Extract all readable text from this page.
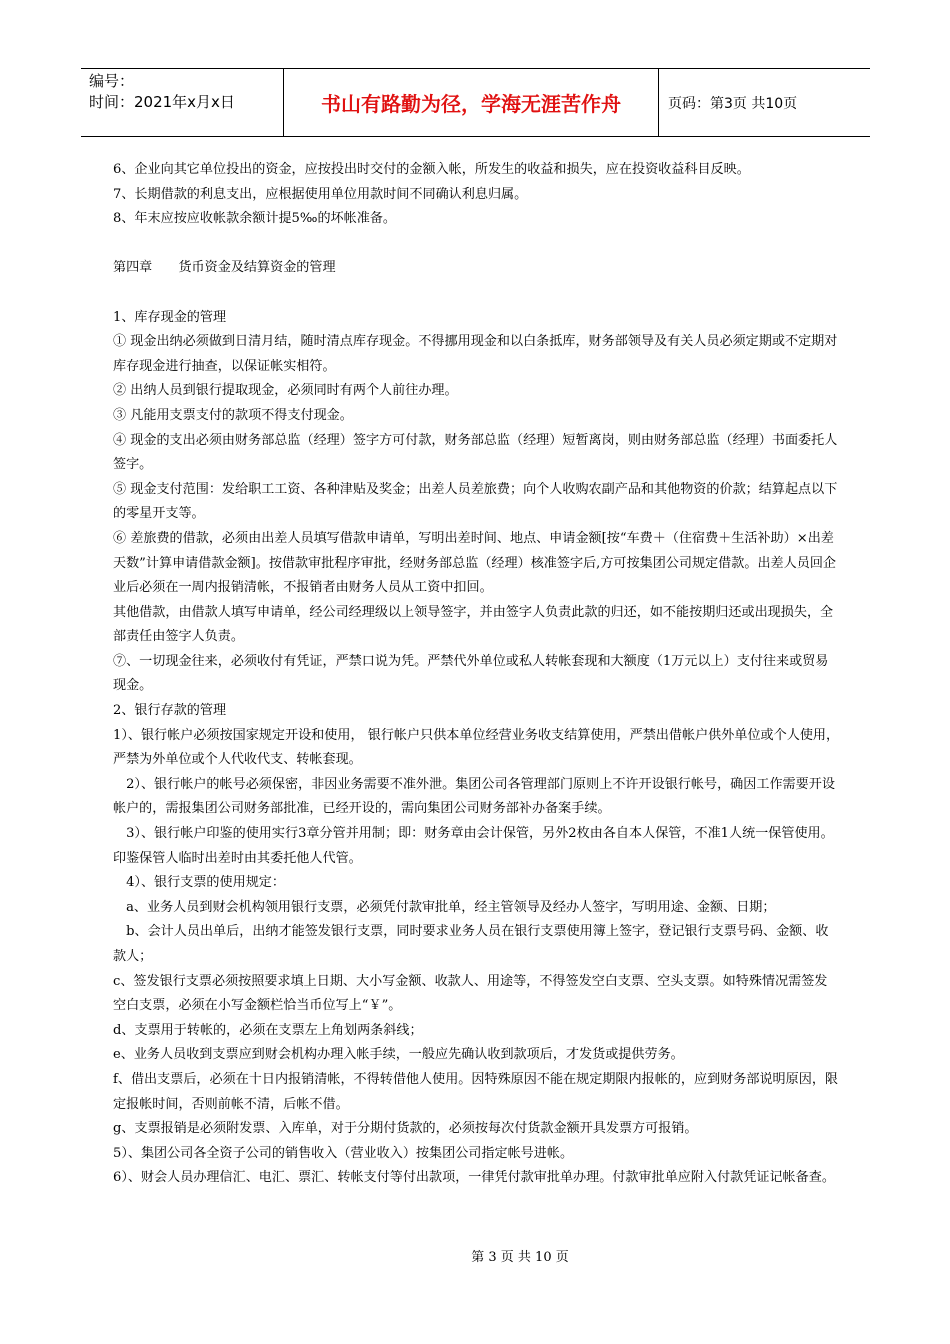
编号：
时间：2021年x月x日	书山有路勤为径，学海无涯苦作舟	页码：第3页 共10页

6、企业向其它单位投出的资金，应按投出时交付的金额入帐，所发生的收益和损失，应在投资收益科目反映。

7、长期借款的利息支出，应根据使用单位用款时间不同确认利息归属。

8、年末应按应收帐款余额计提5‰的坏帐准备。

第四章　　货币资金及结算资金的管理

1、库存现金的管理

① 现金出纳必须做到日清月结，随时清点库存现金。不得挪用现金和以白条抵库，财务部领导及有关人员必须定期或不定期对库存现金进行抽查，以保证帐实相符。

② 出纳人员到银行提取现金，必须同时有两个人前往办理。

③ 凡能用支票支付的款项不得支付现金。

④ 现金的支出必须由财务部总监（经理）签字方可付款，财务部总监（经理）短暂离岗，则由财务部总监（经理）书面委托人签字。

⑤ 现金支付范围：发给职工工资、各种津贴及奖金；出差人员差旅费；向个人收购农副产品和其他物资的价款；结算起点以下的零星开支等。

⑥ 差旅费的借款，必须由出差人员填写借款申请单，写明出差时间、地点、申请金额[按“车费＋（住宿费＋生活补助）×出差天数”计算申请借款金额]。按借款审批程序审批，经财务部总监（经理）核准签字后,方可按集团公司规定借款。出差人员回企业后必须在一周内报销清帐，不报销者由财务人员从工资中扣回。

其他借款，由借款人填写申请单，经公司经理级以上领导签字，并由签字人负责此款的归还，如不能按期归还或出现损失，全部责任由签字人负责。

⑦、一切现金往来，必须收付有凭证，严禁口说为凭。严禁代外单位或私人转帐套现和大额度（1万元以上）支付往来或贸易现金。

2、银行存款的管理

1）、银行帐户必须按国家规定开设和使用， 银行帐户只供本单位经营业务收支结算使用，严禁出借帐户供外单位或个人使用，严禁为外单位或个人代收代支、转帐套现。

　2）、银行帐户的帐号必须保密，非因业务需要不准外泄。集团公司各管理部门原则上不许开设银行帐号，确因工作需要开设帐户的，需报集团公司财务部批准，已经开设的，需向集团公司财务部补办备案手续。

　3）、银行帐户印鉴的使用实行3章分管并用制；即：财务章由会计保管，另外2枚由各自本人保管，不准1人统一保管使用。印鉴保管人临时出差时由其委托他人代管。

　4）、银行支票的使用规定：

　a、业务人员到财会机构领用银行支票，必须凭付款审批单，经主管领导及经办人签字，写明用途、金额、日期；

　b、会计人员出单后，出纳才能签发银行支票，同时要求业务人员在银行支票使用簿上签字，登记银行支票号码、金额、收款人；

c、签发银行支票必须按照要求填上日期、大小写金额、收款人、用途等，不得签发空白支票、空头支票。如特殊情况需签发空白支票，必须在小写金额栏恰当币位写上“￥”。

d、支票用于转帐的，必须在支票左上角划两条斜线；

e、业务人员收到支票应到财会机构办理入帐手续，一般应先确认收到款项后，才发货或提供劳务。

f、借出支票后，必须在十日内报销清帐，不得转借他人使用。因特殊原因不能在规定期限内报帐的，应到财务部说明原因，限定报帐时间，否则前帐不清，后帐不借。

g、支票报销是必须附发票、入库单，对于分期付货款的，必须按每次付货款金额开具发票方可报销。

5）、集团公司各全资子公司的销售收入（营业收入）按集团公司指定帐号进帐。

6）、财会人员办理信汇、电汇、票汇、转帐支付等付出款项，一律凭付款审批单办理。付款审批单应附入付款凭证记帐备查。

第 3 页 共 10 页
